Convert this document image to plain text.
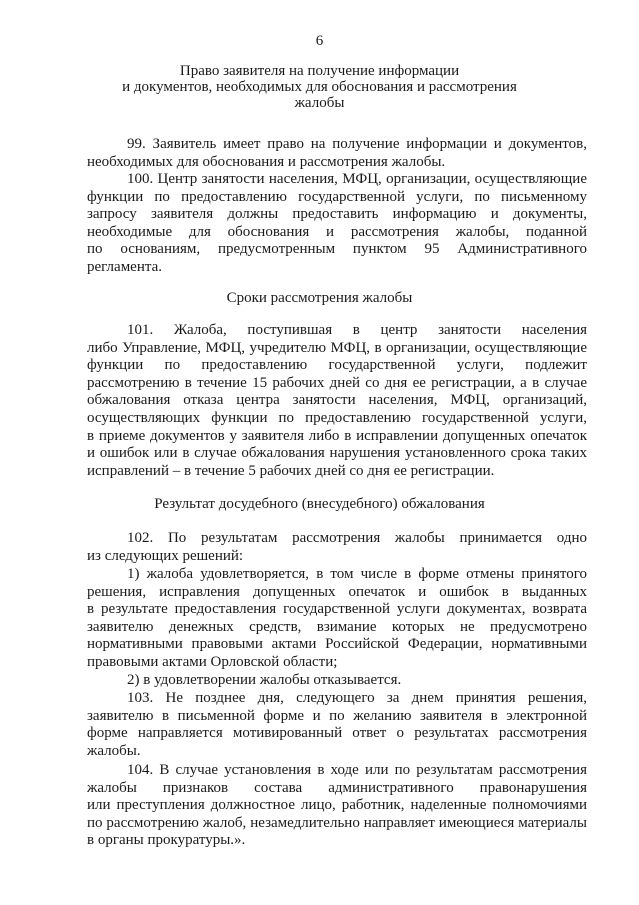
6
Право заявителя на получение информации
и документов, необходимых для обоснования и рассмотрения
жалобы
99. Заявитель имеет право на получение информации и документов,
необходимых для обоснования и рассмотрения жалобы.
100. Центр занятости населения, МФЦ, организации, осуществляющие
функции по предоставлению государственной услуги, по письменному
запросу заявителя должны предоставить информацию и документы,
необходимые для обоснования и рассмотрения жалобы, поданной
по основаниям, предусмотренным пунктом 95 Административного
регламента.
Сроки рассмотрения жалобы
101. Жалоба, поступившая в центр занятости населения
либо Управление, МФЦ, учредителю МФЦ, в организации, осуществляющие
функции по предоставлению государственной услуги, подлежит
рассмотрению в течение 15 рабочих дней со дня ее регистрации, а в случае
обжалования отказа центра занятости населения, МФЦ, организаций,
осуществляющих функции по предоставлению государственной услуги,
в приеме документов у заявителя либо в исправлении допущенных опечаток
и ошибок или в случае обжалования нарушения установленного срока таких
исправлений – в течение 5 рабочих дней со дня ее регистрации.
Результат досудебного (внесудебного) обжалования
102. По результатам рассмотрения жалобы принимается одно
из следующих решений:
1) жалоба удовлетворяется, в том числе в форме отмены принятого
решения, исправления допущенных опечаток и ошибок в выданных
в результате предоставления государственной услуги документах, возврата
заявителю денежных средств, взимание которых не предусмотрено
нормативными правовыми актами Российской Федерации, нормативными
правовыми актами Орловской области;
2) в удовлетворении жалобы отказывается.
103. Не позднее дня, следующего за днем принятия решения,
заявителю в письменной форме и по желанию заявителя в электронной
форме направляется мотивированный ответ о результатах рассмотрения
жалобы.
104. В случае установления в ходе или по результатам рассмотрения
жалобы признаков состава административного правонарушения
или преступления должностное лицо, работник, наделенные полномочиями
по рассмотрению жалоб, незамедлительно направляет имеющиеся материалы
в органы прокуратуры.».
